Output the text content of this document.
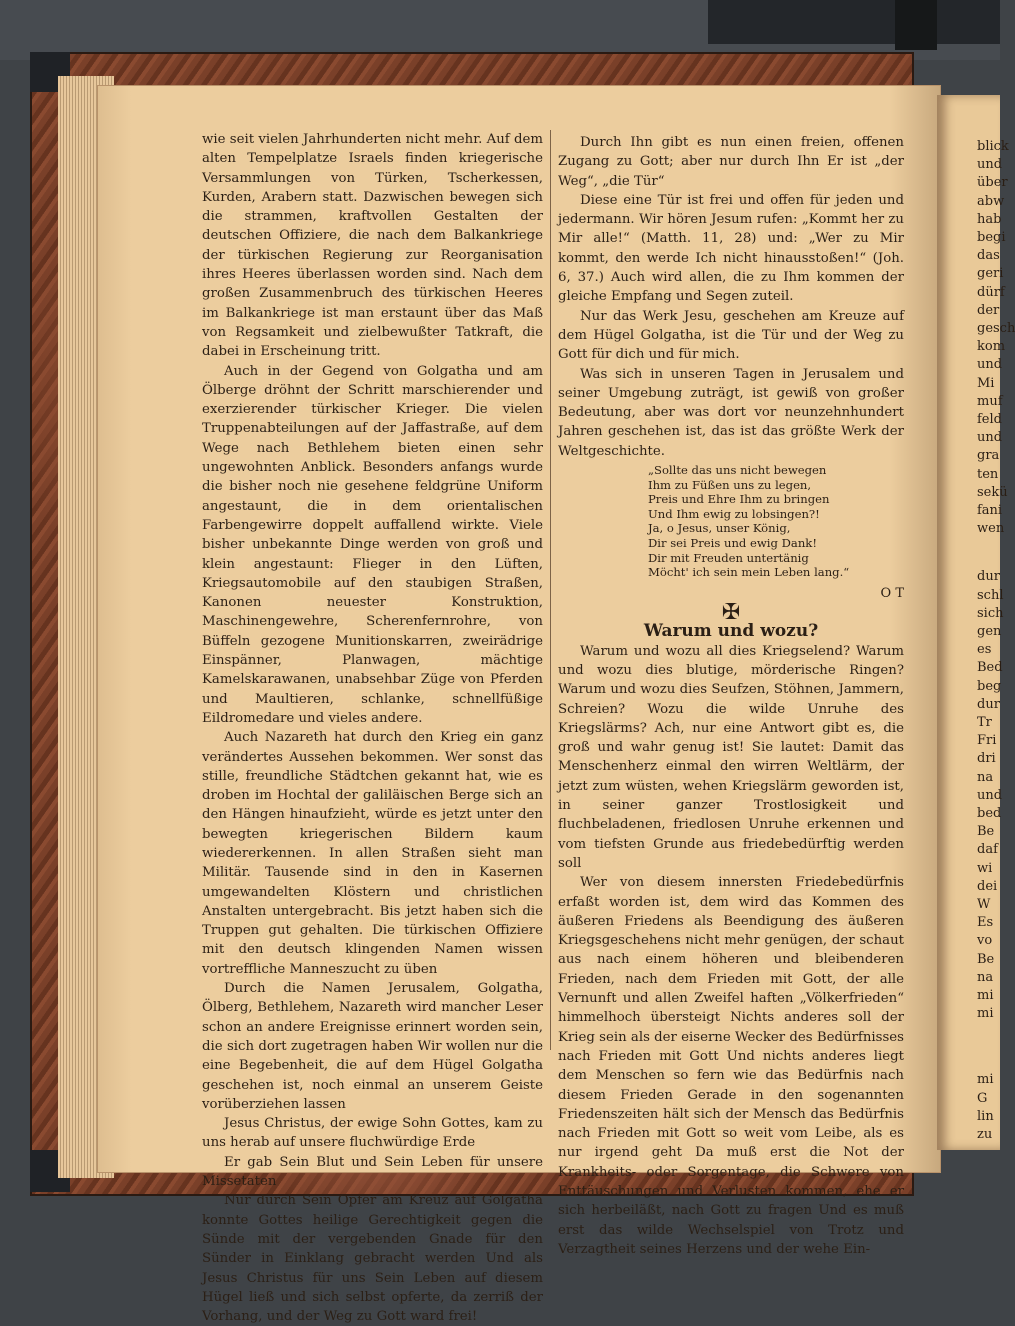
blick
und
über
abw
hab
begi
das
geri
dürf
der
gesch
kom
und
Mi
muf
feld
und
gra
ten
sekü
fani
wen
dur
schl
sich
gen
es
Bed
beg
dur
Tr
Fri
dri
na
und
bed
Be
daf
wi
dei
W
Es
vo
Be
na
mi
mi
mi
G
lin
zu

wie seit vielen Jahrhunderten nicht mehr. Auf dem alten Tempelplatze Israels finden kriegerische Versammlungen von Türken, Tscherkessen, Kurden, Arabern statt. Dazwischen bewegen sich die strammen, kraftvollen Gestalten der deutschen Offiziere, die nach dem Balkankriege der türkischen Regierung zur Reorganisation ihres Heeres überlassen worden sind. Nach dem großen Zusammenbruch des türkischen Heeres im Balkankriege ist man erstaunt über das Maß von Regsamkeit und zielbewußter Tatkraft, die dabei in Erscheinung tritt.

Auch in der Gegend von Golgatha und am Ölberge dröhnt der Schritt marschierender und exerzierender türkischer Krieger. Die vielen Truppenabteilungen auf der Jaffastraße, auf dem Wege nach Bethlehem bieten einen sehr ungewohnten Anblick. Besonders anfangs wurde die bisher noch nie gesehene feldgrüne Uniform angestaunt, die in dem orientalischen Farbengewirre doppelt auffallend wirkte. Viele bisher unbekannte Dinge werden von groß und klein angestaunt: Flieger in den Lüften, Kriegsautomobile auf den staubigen Straßen, Kanonen neuester Konstruktion, Maschinengewehre, Scherenfernrohre, von Büffeln gezogene Munitionskarren, zweirädrige Einspänner, Planwagen, mächtige Kamelskarawanen, unabsehbar Züge von Pferden und Maultieren, schlanke, schnellfüßige Eildromedare und vieles andere.

Auch Nazareth hat durch den Krieg ein ganz verändertes Aussehen bekommen. Wer sonst das stille, freundliche Städtchen gekannt hat, wie es droben im Hochtal der galiläischen Berge sich an den Hängen hinaufzieht, würde es jetzt unter den bewegten kriegerischen Bildern kaum wiedererkennen. In allen Straßen sieht man Militär. Tausende sind in den in Kasernen umgewandelten Klöstern und christlichen Anstalten untergebracht. Bis jetzt haben sich die Truppen gut gehalten. Die türkischen Offiziere mit den deutsch klingenden Namen wissen vortreffliche Manneszucht zu üben

Durch die Namen Jerusalem, Golgatha, Ölberg, Bethlehem, Nazareth wird mancher Leser schon an andere Ereignisse erinnert worden sein, die sich dort zugetragen haben Wir wollen nur die eine Begebenheit, die auf dem Hügel Golgatha geschehen ist, noch einmal an unserem Geiste vorüberziehen lassen

Jesus Christus, der ewige Sohn Gottes, kam zu uns herab auf unsere fluchwürdige Erde

Er gab Sein Blut und Sein Leben für unsere Missetaten

Nur durch Sein Opfer am Kreuz auf Golgatha konnte Gottes heilige Gerechtigkeit gegen die Sünde mit der vergebenden Gnade für den Sünder in Einklang gebracht werden Und als Jesus Christus für uns Sein Leben auf diesem Hügel ließ und sich selbst opferte, da zerriß der Vorhang, und der Weg zu Gott ward frei!

Durch Ihn gibt es nun einen freien, offenen Zugang zu Gott; aber nur durch Ihn Er ist „der Weg“, „die Tür“

Diese eine Tür ist frei und offen für jeden und jedermann. Wir hören Jesum rufen: „Kommt her zu Mir alle!“ (Matth. 11, 28) und: „Wer zu Mir kommt, den werde Ich nicht hinausstoßen!“ (Joh. 6, 37.) Auch wird allen, die zu Ihm kommen der gleiche Empfang und Segen zuteil.

Nur das Werk Jesu, geschehen am Kreuze auf dem Hügel Golgatha, ist die Tür und der Weg zu Gott für dich und für mich.

Was sich in unseren Tagen in Jerusalem und seiner Umgebung zuträgt, ist gewiß von großer Bedeutung, aber was dort vor neunzehnhundert Jahren geschehen ist, das ist das größte Werk der Weltgeschichte.

„Sollte das uns nicht bewegen
Ihm zu Füßen uns zu legen,
Preis und Ehre Ihm zu bringen
Und Ihm ewig zu lobsingen?!
Ja, o Jesus, unser König,
Dir sei Preis und ewig Dank!
Dir mit Freuden untertänig
Möcht' ich sein mein Leben lang.“

O T

✠

Warum und wozu?

Warum und wozu all dies Kriegselend? Warum und wozu dies blutige, mörderische Ringen? Warum und wozu dies Seufzen, Stöhnen, Jammern, Schreien? Wozu die wilde Unruhe des Kriegslärms? Ach, nur eine Antwort gibt es, die groß und wahr genug ist! Sie lautet: Damit das Menschenherz einmal den wirren Weltlärm, der jetzt zum wüsten, wehen Kriegslärm geworden ist, in seiner ganzer Trostlosigkeit und fluchbeladenen, friedlosen Unruhe erkennen und vom tiefsten Grunde aus friedebedürftig werden soll

Wer von diesem innersten Friedebedürfnis erfaßt worden ist, dem wird das Kommen des äußeren Friedens als Beendigung des äußeren Kriegsgeschehens nicht mehr genügen, der schaut aus nach einem höheren und bleibenderen Frieden, nach dem Frieden mit Gott, der alle Vernunft und allen Zweifel haften „Völkerfrieden“ himmelhoch übersteigt Nichts anderes soll der Krieg sein als der eiserne Wecker des Bedürfnisses nach Frieden mit Gott Und nichts anderes liegt dem Menschen so fern wie das Bedürfnis nach diesem Frieden Gerade in den sogenannten Friedenszeiten hält sich der Mensch das Bedürfnis nach Frieden mit Gott so weit vom Leibe, als es nur irgend geht Da muß erst die Not der Krankheits- oder Sorgentage, die Schwere von Enttäuschungen und Verlusten kommen, ehe er sich herbeiläßt, nach Gott zu fragen Und es muß erst das wilde Wechselspiel von Trotz und Verzagtheit seines Herzens und der wehe Ein-
